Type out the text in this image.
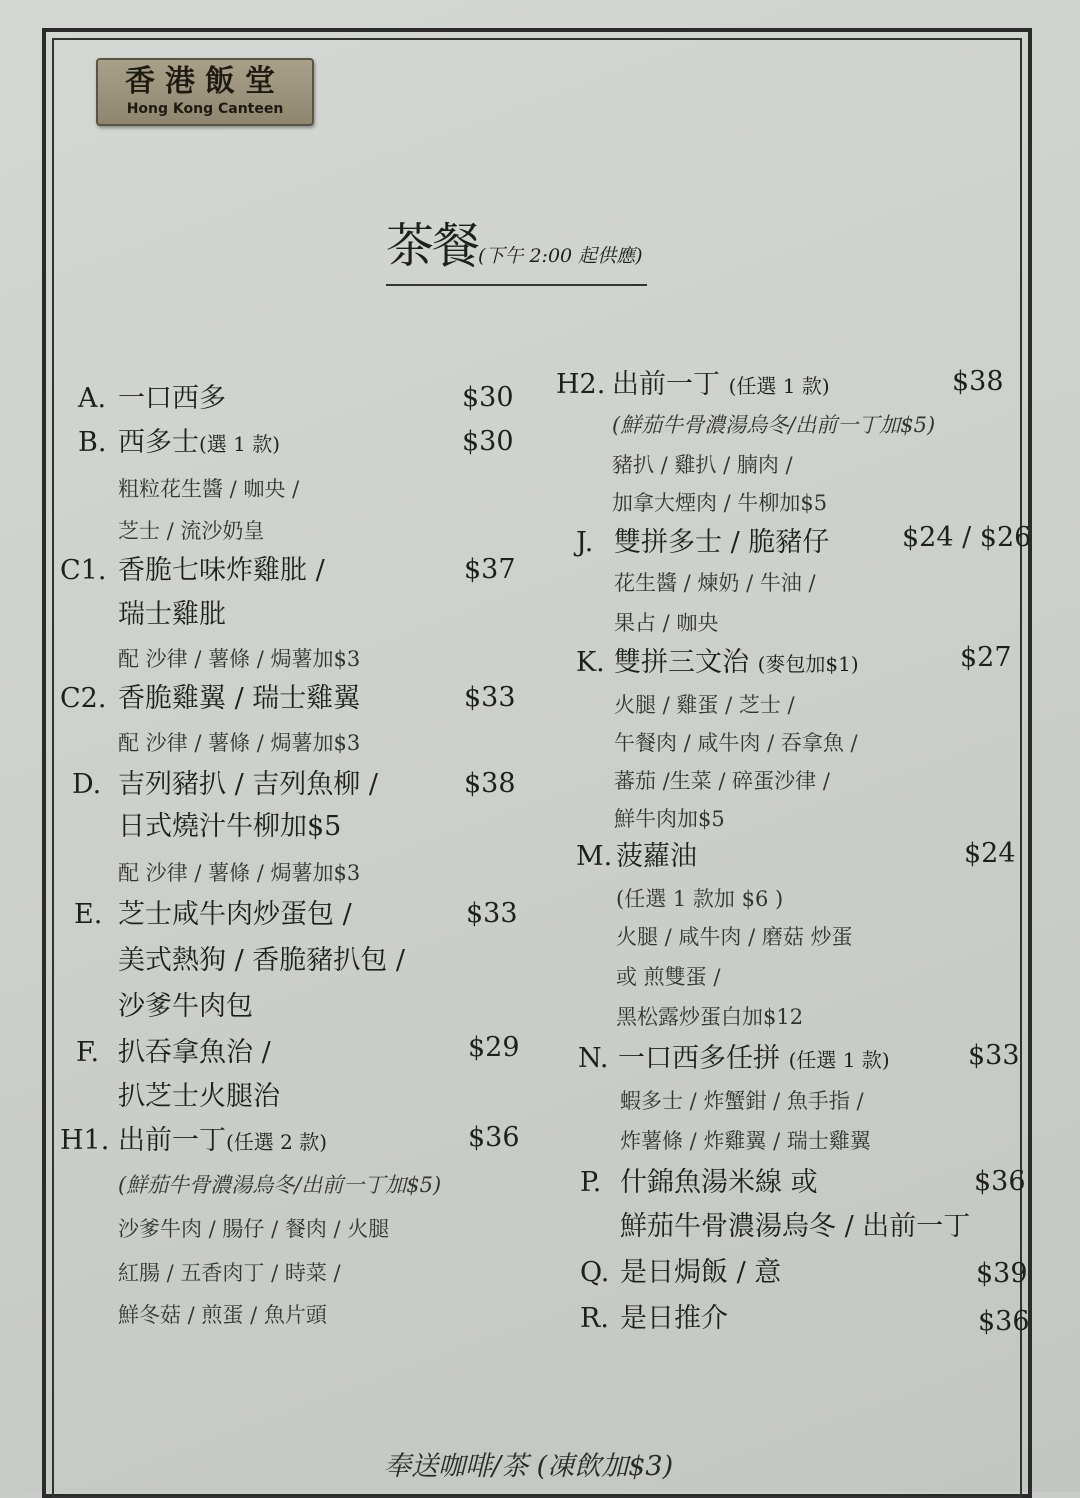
香港飯堂
Hong Kong Canteen
茶餐(下午 2:00 起供應)
A. 一口西多	$30
B. 西多士(選 1 款)	$30
粗粒花生醬 / 咖央 /
芝士 / 流沙奶皇
C1. 香脆七味炸雞肶 /	$37
瑞士雞肶
配 沙律 / 薯條 / 焗薯加$3
C2. 香脆雞翼 / 瑞士雞翼	$33
配 沙律 / 薯條 / 焗薯加$3
D. 吉列豬扒 / 吉列魚柳 /	$38
日式燒汁牛柳加$5
配 沙律 / 薯條 / 焗薯加$3
E. 芝士咸牛肉炒蛋包 /	$33
美式熱狗 / 香脆豬扒包 /
沙爹牛肉包
F. 扒吞拿魚治 /	$29
扒芝士火腿治
H1. 出前一丁(任選 2 款)	$36
(鮮茄牛骨濃湯烏冬/出前一丁加$5)
沙爹牛肉 / 腸仔 / 餐肉 / 火腿
紅腸 / 五香肉丁 / 時菜 /
鮮冬菇 / 煎蛋 / 魚片頭
H2. 出前一丁 (任選 1 款)	$38
(鮮茄牛骨濃湯烏冬/出前一丁加$5)
豬扒 / 雞扒 / 腩肉 /
加拿大煙肉 / 牛柳加$5
J. 雙拼多士 / 脆豬仔	$24 / $26
花生醬 / 煉奶 / 牛油 /
果占 / 咖央
K. 雙拼三文治 (麥包加$1)	$27
火腿 / 雞蛋 / 芝士 /
午餐肉 / 咸牛肉 / 吞拿魚 /
蕃茄 /生菜 / 碎蛋沙律 /
鮮牛肉加$5
M. 菠蘿油	$24
(任選 1 款加 $6 )
火腿 / 咸牛肉 / 磨菇 炒蛋
或 煎雙蛋 /
黑松露炒蛋白加$12
N. 一口西多任拼 (任選 1 款)	$33
蝦多士 / 炸蟹鉗 / 魚手指 /
炸薯條 / 炸雞翼 / 瑞士雞翼
P. 什錦魚湯米線 或	$36
鮮茄牛骨濃湯烏冬 / 出前一丁
Q. 是日焗飯 / 意	$39
R. 是日推介	$36
奉送咖啡/茶 (凍飲加$3)
